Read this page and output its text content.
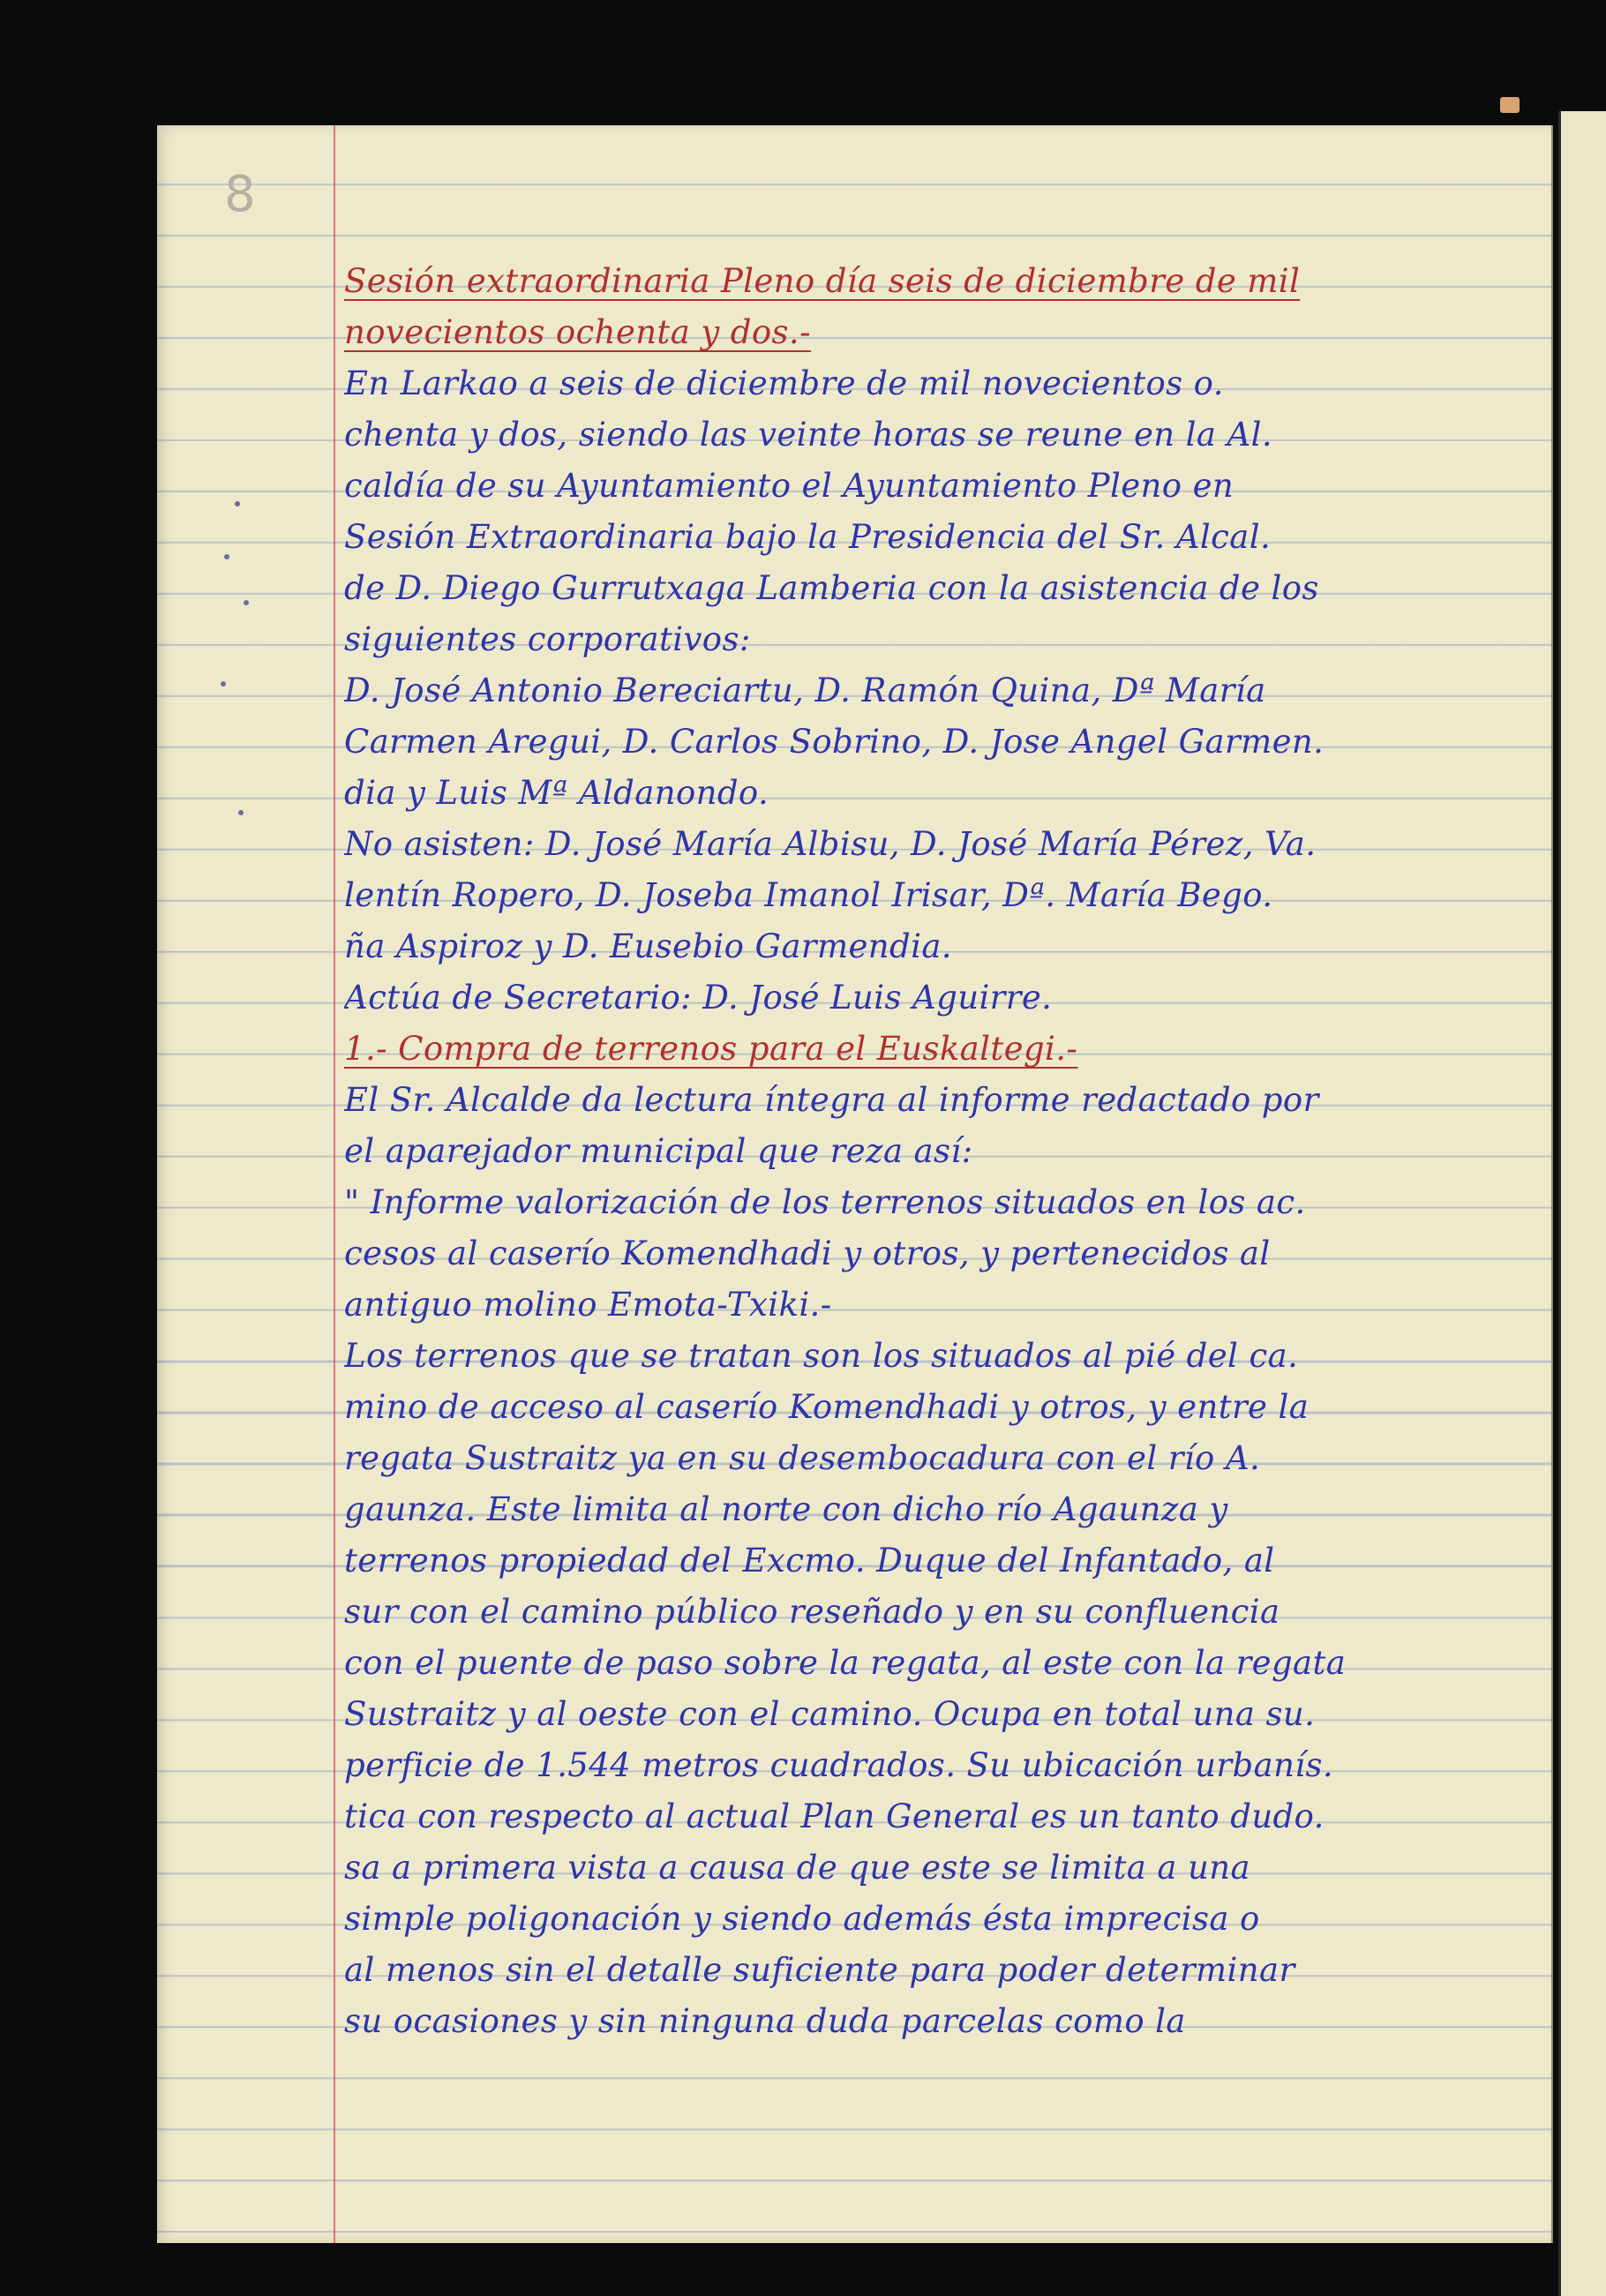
8
Sesión extraordinaria Pleno día seis de diciembre de mil
novecientos ochenta y dos.-
En Larkao a seis de diciembre de mil novecientos o.
chenta y dos, siendo las veinte horas se reune en la Al.
caldía de su Ayuntamiento el Ayuntamiento Pleno en
Sesión Extraordinaria bajo la Presidencia del Sr. Alcal.
de D. Diego Gurrutxaga Lamberia con la asistencia de los
siguientes corporativos:
D. José Antonio Bereciartu, D. Ramón Quina, Dª María
Carmen Aregui, D. Carlos Sobrino, D. Jose Angel Garmen.
dia y Luis Mª Aldanondo.
No asisten: D. José María Albisu, D. José María Pérez, Va.
lentín Ropero, D. Joseba Imanol Irisar, Dª. María Bego.
ña Aspiroz y D. Eusebio Garmendia.
Actúa de Secretario: D. José Luis Aguirre.
1.- Compra de terrenos para el Euskaltegi.-
El Sr. Alcalde da lectura íntegra al informe redactado por
el aparejador municipal que reza así:
" Informe valorización de los terrenos situados en los ac.
cesos al caserío Komendhadi y otros, y pertenecidos al
antiguo molino Emota-Txiki.-
Los terrenos que se tratan son los situados al pié del ca.
mino de acceso al caserío Komendhadi y otros, y entre la
regata Sustraitz ya en su desembocadura con el río A.
gaunza. Este limita al norte con dicho río Agaunza y
terrenos propiedad del Excmo. Duque del Infantado, al
sur con el camino público reseñado y en su confluencia
con el puente de paso sobre la regata, al este con la regata
Sustraitz y al oeste con el camino. Ocupa en total una su.
perficie de 1.544 metros cuadrados. Su ubicación urbanís.
tica con respecto al actual Plan General es un tanto dudo.
sa a primera vista a causa de que este se limita a una
simple poligonación y siendo además ésta imprecisa o
al menos sin el detalle suficiente para poder determinar
su ocasiones y sin ninguna duda parcelas como la
